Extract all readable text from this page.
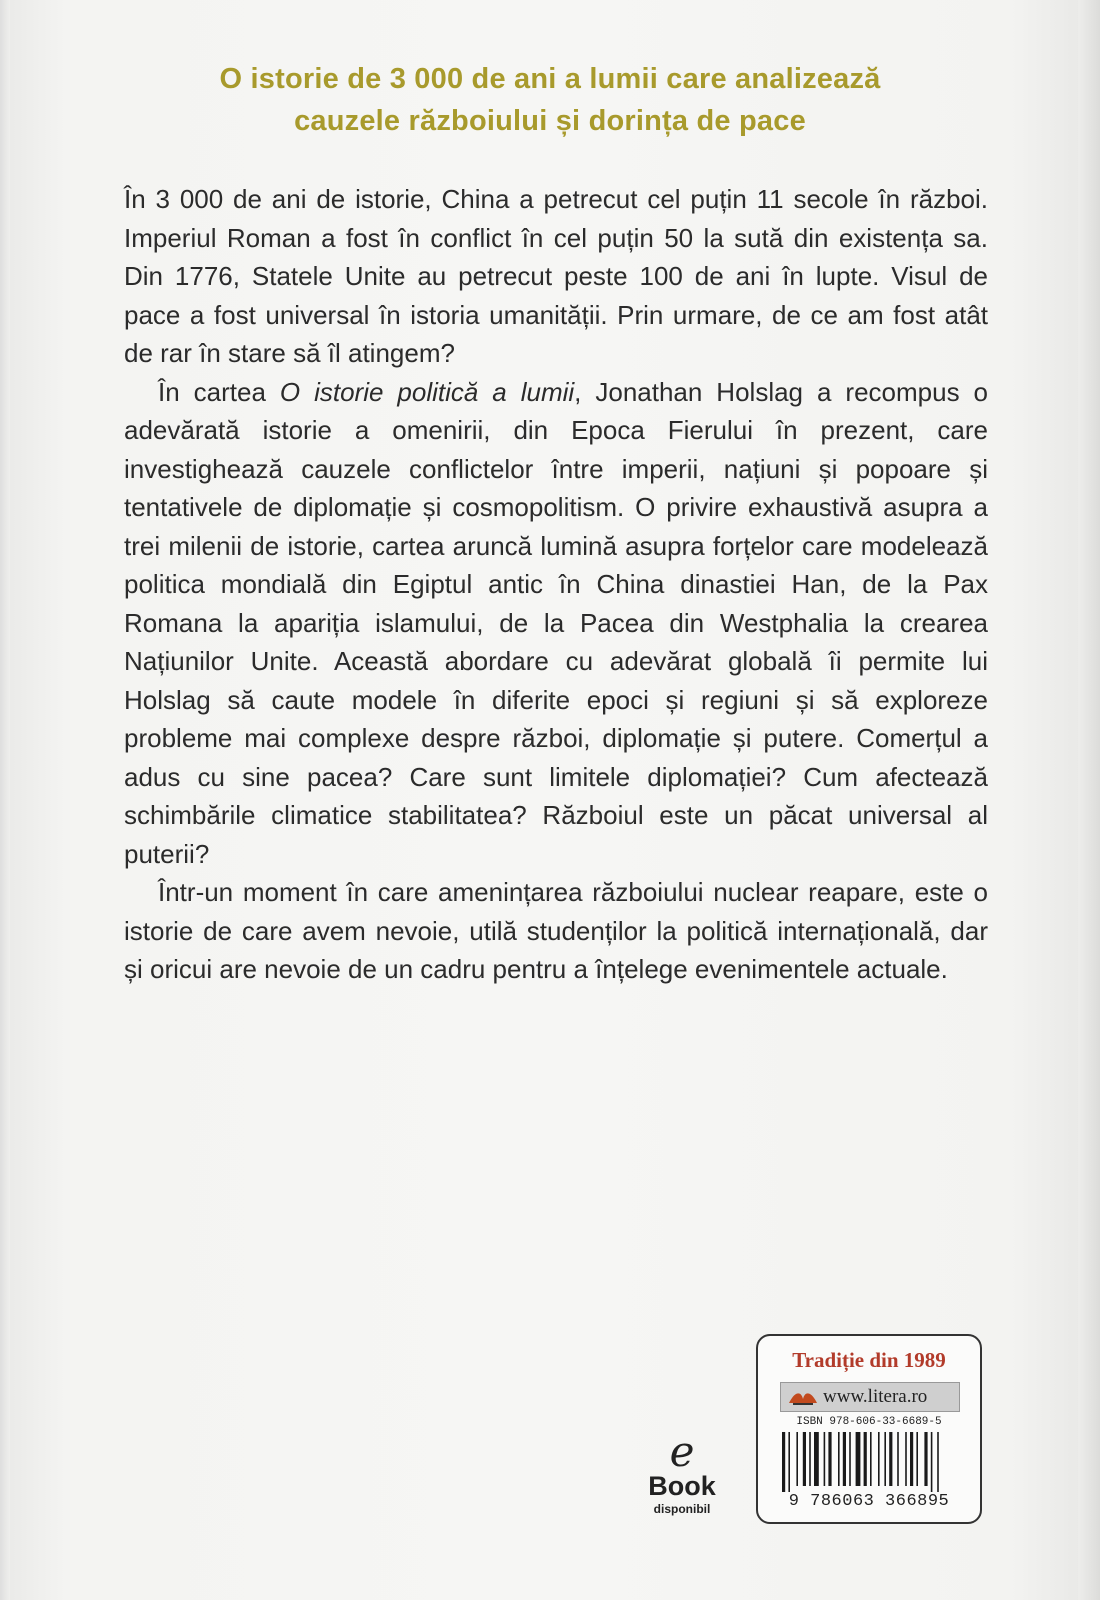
O istorie de 3 000 de ani a lumii care analizează
cauzele războiului și dorința de pace

În 3 000 de ani de istorie, China a petrecut cel puțin 11 secole în război. Imperiul Roman a fost în conflict în cel puțin 50 la sută din existența sa. Din 1776, Statele Unite au petrecut peste 100 de ani în lupte. Visul de pace a fost universal în istoria umanității. Prin urmare, de ce am fost atât de rar în stare să îl atingem?

În cartea O istorie politică a lumii, Jonathan Holslag a recompus o adevărată istorie a omenirii, din Epoca Fierului în prezent, care investighează cauzele conflictelor între imperii, națiuni și popoare și tentativele de diplomație și cosmopolitism. O privire exhaustivă asupra a trei milenii de istorie, cartea aruncă lumină asupra forțelor care modelează politica mondială din Egiptul antic în China dinastiei Han, de la Pax Romana la apariția islamului, de la Pacea din Westphalia la crearea Națiunilor Unite. Această abordare cu adevărat globală îi permite lui Holslag să caute modele în diferite epoci și regiuni și să exploreze probleme mai complexe despre război, diplomație și putere. Comerțul a adus cu sine pacea? Care sunt limitele diplomației? Cum afectează schimbările climatice stabilitatea? Războiul este un păcat universal al puterii?

Într-un moment în care amenințarea războiului nuclear reapare, este o istorie de care avem nevoie, utilă studenților la politică internațională, dar și oricui are nevoie de un cadru pentru a înțelege evenimentele actuale.

e
Book
disponibil
Tradiție din 1989
www.litera.ro
ISBN 978-606-33-6689-5
9 786063 366895
